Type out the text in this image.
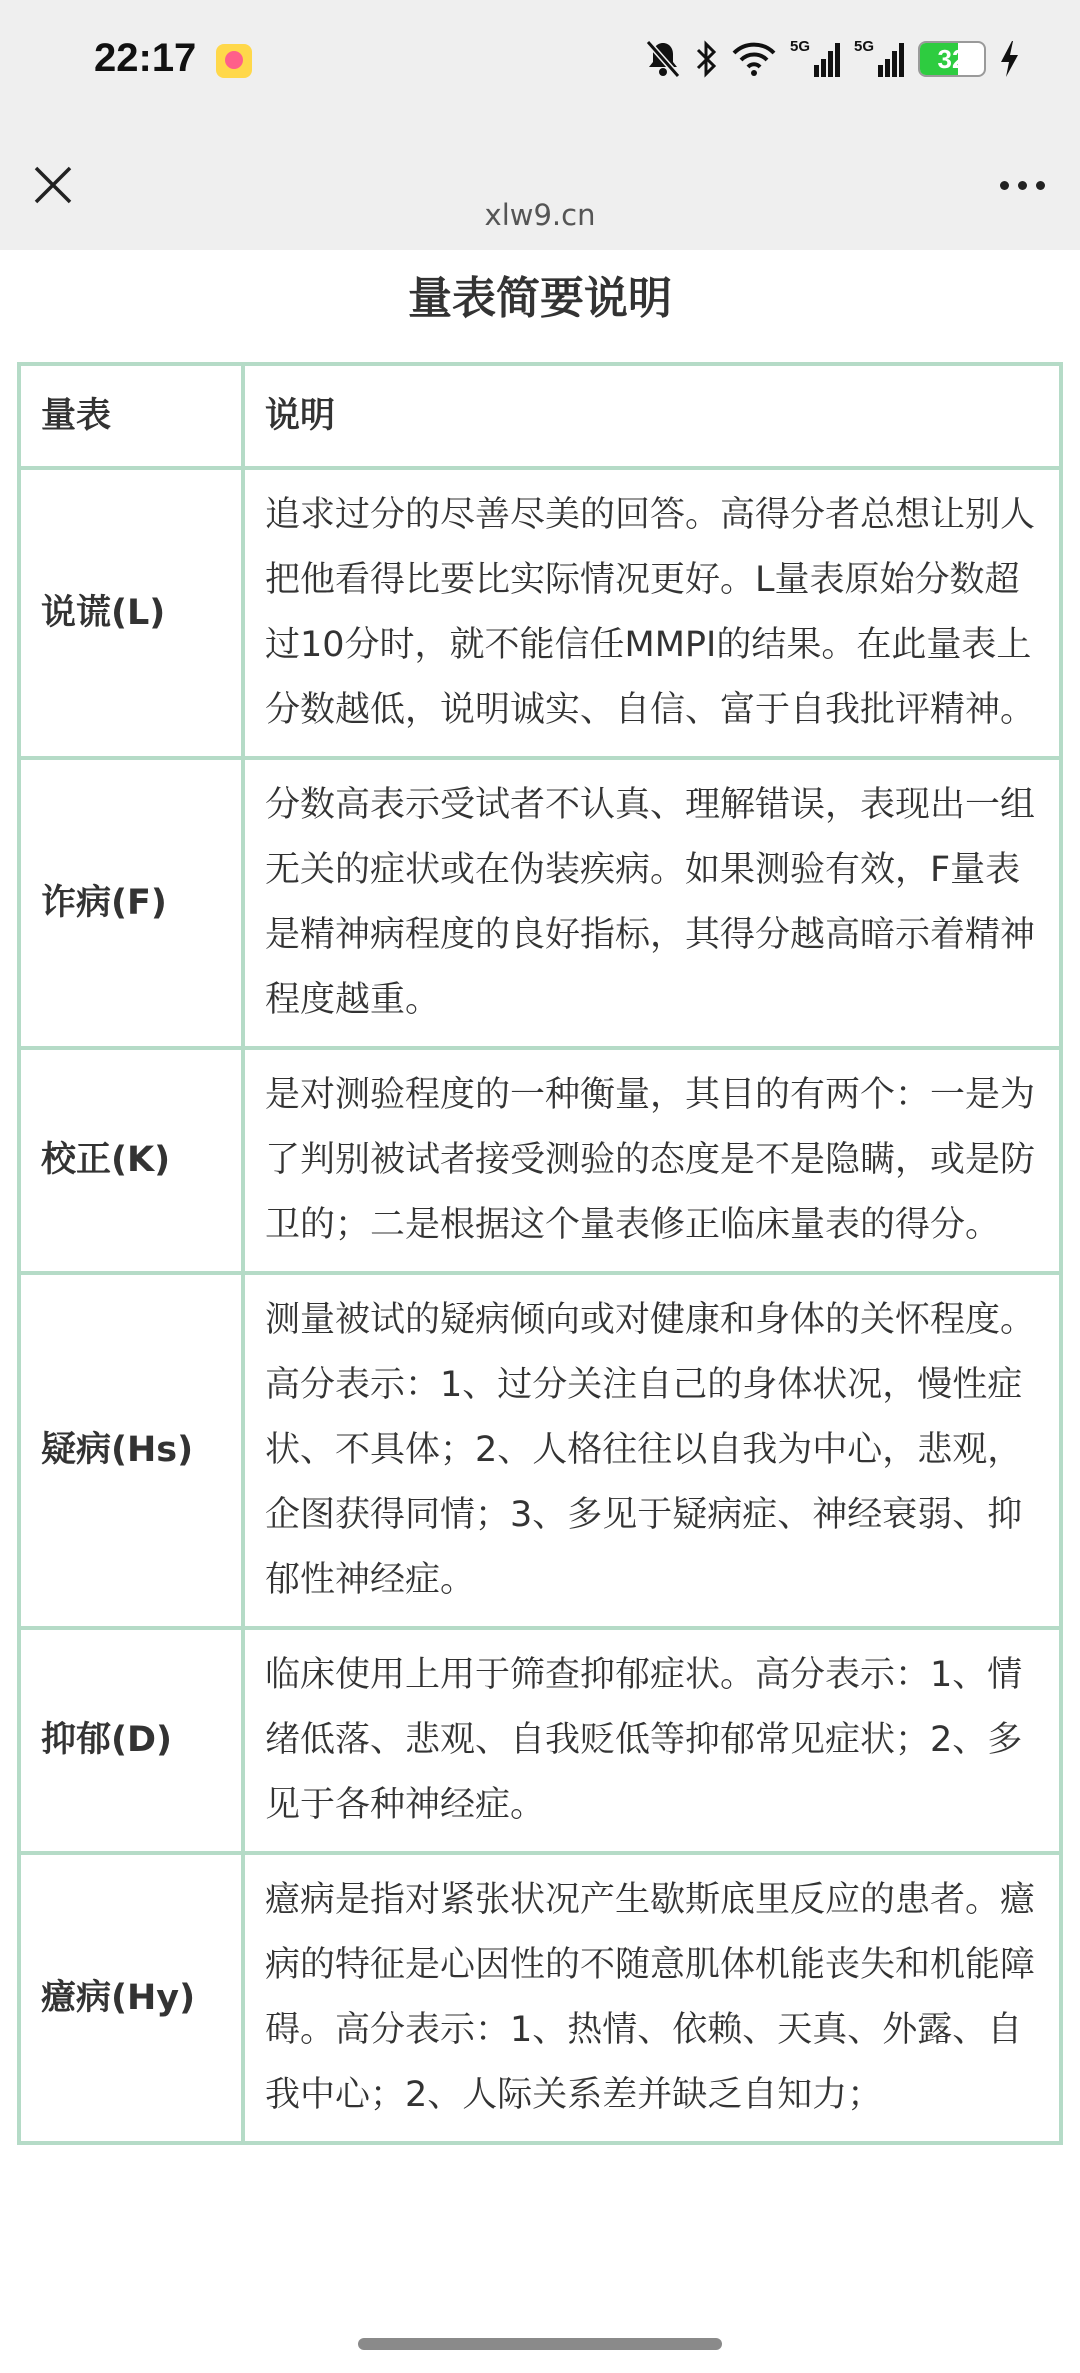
22:17	5G	5G	32
xlw9.cn
量表简要说明
量表	说明
说谎(L)	追求过分的尽善尽美的回答。高得分者总想让别人把他看得比要比实际情况更好。L量表原始分数超过10分时，就不能信任MMPI的结果。在此量表上分数越低，说明诚实、自信、富于自我批评精神。
诈病(F)	分数高表示受试者不认真、理解错误，表现出一组无关的症状或在伪装疾病。如果测验有效，F量表是精神病程度的良好指标，其得分越高暗示着精神程度越重。
校正(K)	是对测验程度的一种衡量，其目的有两个：一是为了判别被试者接受测验的态度是不是隐瞒，或是防卫的；二是根据这个量表修正临床量表的得分。
疑病(Hs)	测量被试的疑病倾向或对健康和身体的关怀程度。高分表示：1、过分关注自己的身体状况，慢性症状、不具体；2、人格往往以自我为中心，悲观，企图获得同情；3、多见于疑病症、神经衰弱、抑郁性神经症。
抑郁(D)	临床使用上用于筛查抑郁症状。高分表示：1、情绪低落、悲观、自我贬低等抑郁常见症状；2、多见于各种神经症。
癔病(Hy)	癔病是指对紧张状况产生歇斯底里反应的患者。癔病的特征是心因性的不随意肌体机能丧失和机能障碍。高分表示：1、热情、依赖、天真、外露、自我中心；2、人际关系差并缺乏自知力；
